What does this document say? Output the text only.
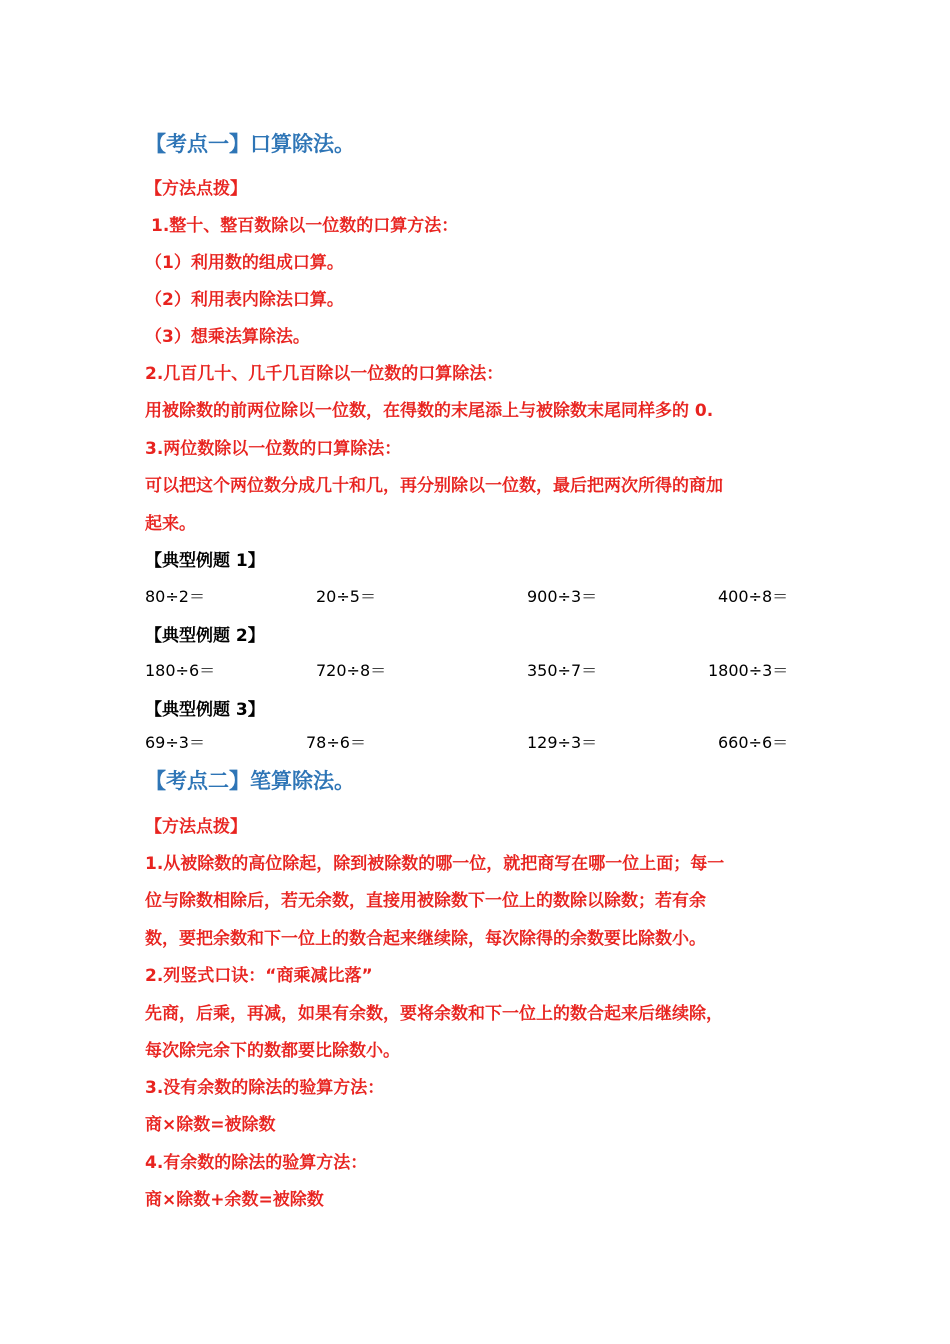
【考点一】口算除法。
【方法点拨】
1.整十、整百数除以一位数的口算方法：
（1）利用数的组成口算。
（2）利用表内除法口算。
（3）想乘法算除法。
2.几百几十、几千几百除以一位数的口算除法：
用被除数的前两位除以一位数，在得数的末尾添上与被除数末尾同样多的 0.
3.两位数除以一位数的口算除法：
可以把这个两位数分成几十和几，再分别除以一位数，最后把两次所得的商加
起来。
【典型例题 1】
80÷2＝	20÷5＝	900÷3＝	400÷8＝
【典型例题 2】
180÷6＝	720÷8＝	350÷7＝	1800÷3＝
【典型例题 3】
69÷3＝	78÷6＝	129÷3＝	660÷6＝
【考点二】笔算除法。
【方法点拨】
1.从被除数的高位除起，除到被除数的哪一位，就把商写在哪一位上面；每一
位与除数相除后，若无余数，直接用被除数下一位上的数除以除数；若有余
数，要把余数和下一位上的数合起来继续除，每次除得的余数要比除数小。
2.列竖式口诀：“商乘减比落”
先商，后乘，再减，如果有余数，要将余数和下一位上的数合起来后继续除，
每次除完余下的数都要比除数小。
3.没有余数的除法的验算方法：
商×除数=被除数
4.有余数的除法的验算方法：
商×除数+余数=被除数
